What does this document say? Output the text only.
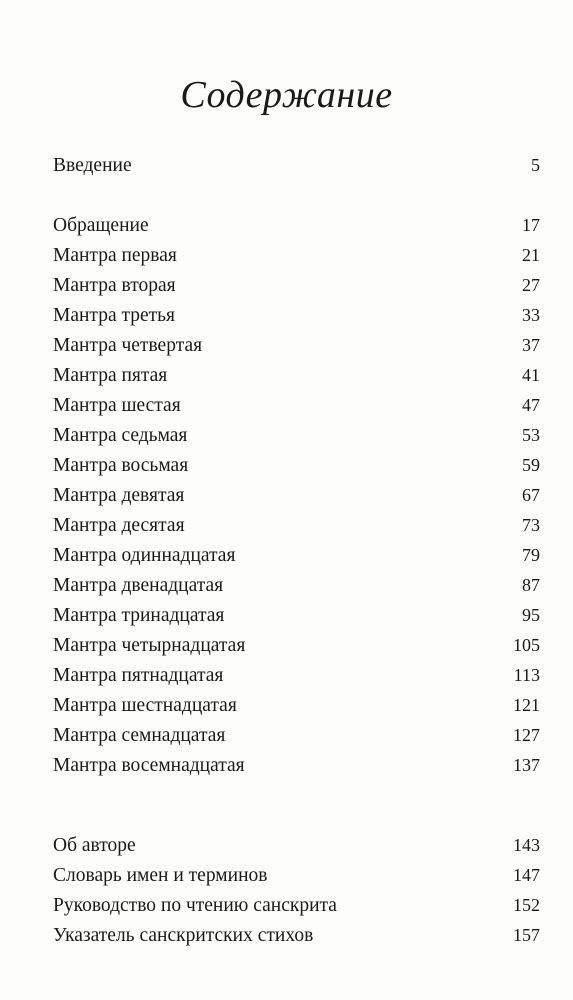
Содержание
Введение	5
Обращение	17
Мантра первая	21
Мантра вторая	27
Мантра третья	33
Мантра четвертая	37
Мантра пятая	41
Мантра шестая	47
Мантра седьмая	53
Мантра восьмая	59
Мантра девятая	67
Мантра десятая	73
Мантра одиннадцатая	79
Мантра двенадцатая	87
Мантра тринадцатая	95
Мантра четырнадцатая	105
Мантра пятнадцатая	113
Мантра шестнадцатая	121
Мантра семнадцатая	127
Мантра восемнадцатая	137
Об авторе	143
Словарь имен и терминов	147
Руководство по чтению санскрита	152
Указатель санскритских стихов	157
